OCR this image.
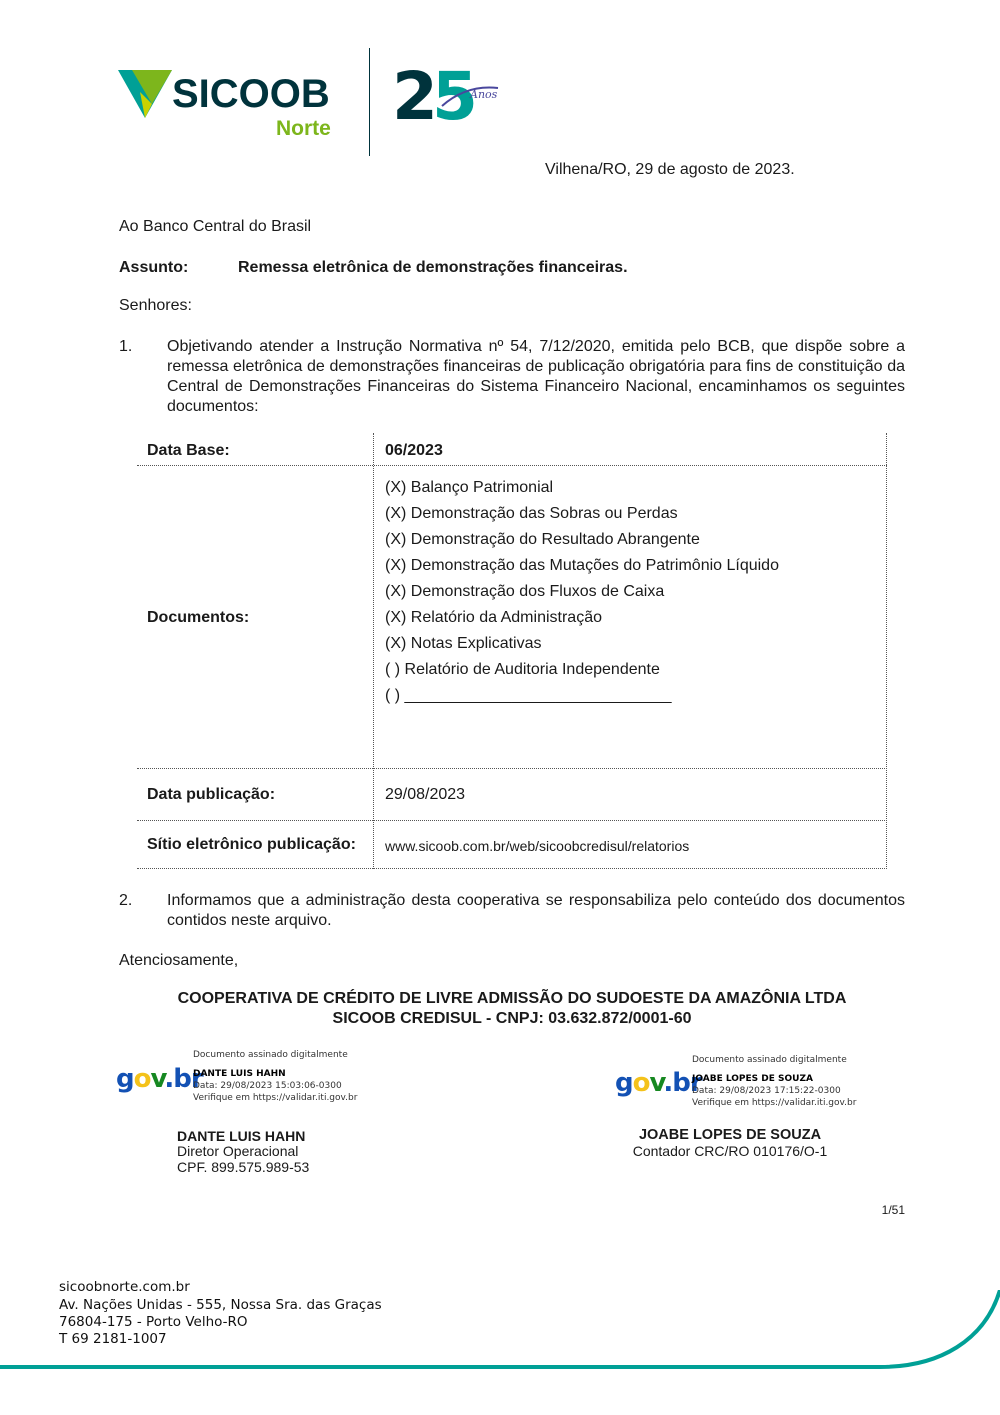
SICOOB
Norte 25
Anos
Vilhena/RO, 29 de agosto de 2023.
Ao Banco Central do Brasil
Assunto:	Remessa eletrônica de demonstrações financeiras.
Senhores:
1. Objetivando atender a Instrução Normativa nº 54, 7/12/2020, emitida pelo BCB, que dispõe sobre a remessa eletrônica de demonstrações financeiras de publicação obrigatória para fins de constituição da Central de Demonstrações Financeiras do Sistema Financeiro Nacional, encaminhamos os seguintes documentos:
Data Base:	06/2023
Documentos:
(X) Balanço Patrimonial
(X) Demonstração das Sobras ou Perdas
(X) Demonstração do Resultado Abrangente
(X) Demonstração das Mutações do Patrimônio Líquido
(X) Demonstração dos Fluxos de Caixa
(X) Relatório da Administração
(X) Notas Explicativas
( ) Relatório de Auditoria Independente
( ) ______________________________
Data publicação:	29/08/2023
Sítio eletrônico publicação: www.sicoob.com.br/web/sicoobcredisul/relatorios
2. Informamos que a administração desta cooperativa se responsabiliza pelo conteúdo dos documentos contidos neste arquivo.
Atenciosamente,
COOPERATIVA DE CRÉDITO DE LIVRE ADMISSÃO DO SUDOESTE DA AMAZÔNIA LTDA
SICOOB CREDISUL - CNPJ: 03.632.872/0001-60
gov.br
Documento assinado digitalmente
DANTE LUIS HAHN
Data: 29/08/2023 15:03:06-0300
Verifique em https://validar.iti.gov.br
DANTE LUIS HAHN
Diretor Operacional
CPF. 899.575.989-53
gov.br
Documento assinado digitalmente
JOABE LOPES DE SOUZA
Data: 29/08/2023 17:15:22-0300
Verifique em https://validar.iti.gov.br
JOABE LOPES DE SOUZA
Contador CRC/RO 010176/O-1
1/51
sicoobnorte.com.br
Av. Nações Unidas - 555, Nossa Sra. das Graças
76804-175 - Porto Velho-RO
T 69 2181-1007
